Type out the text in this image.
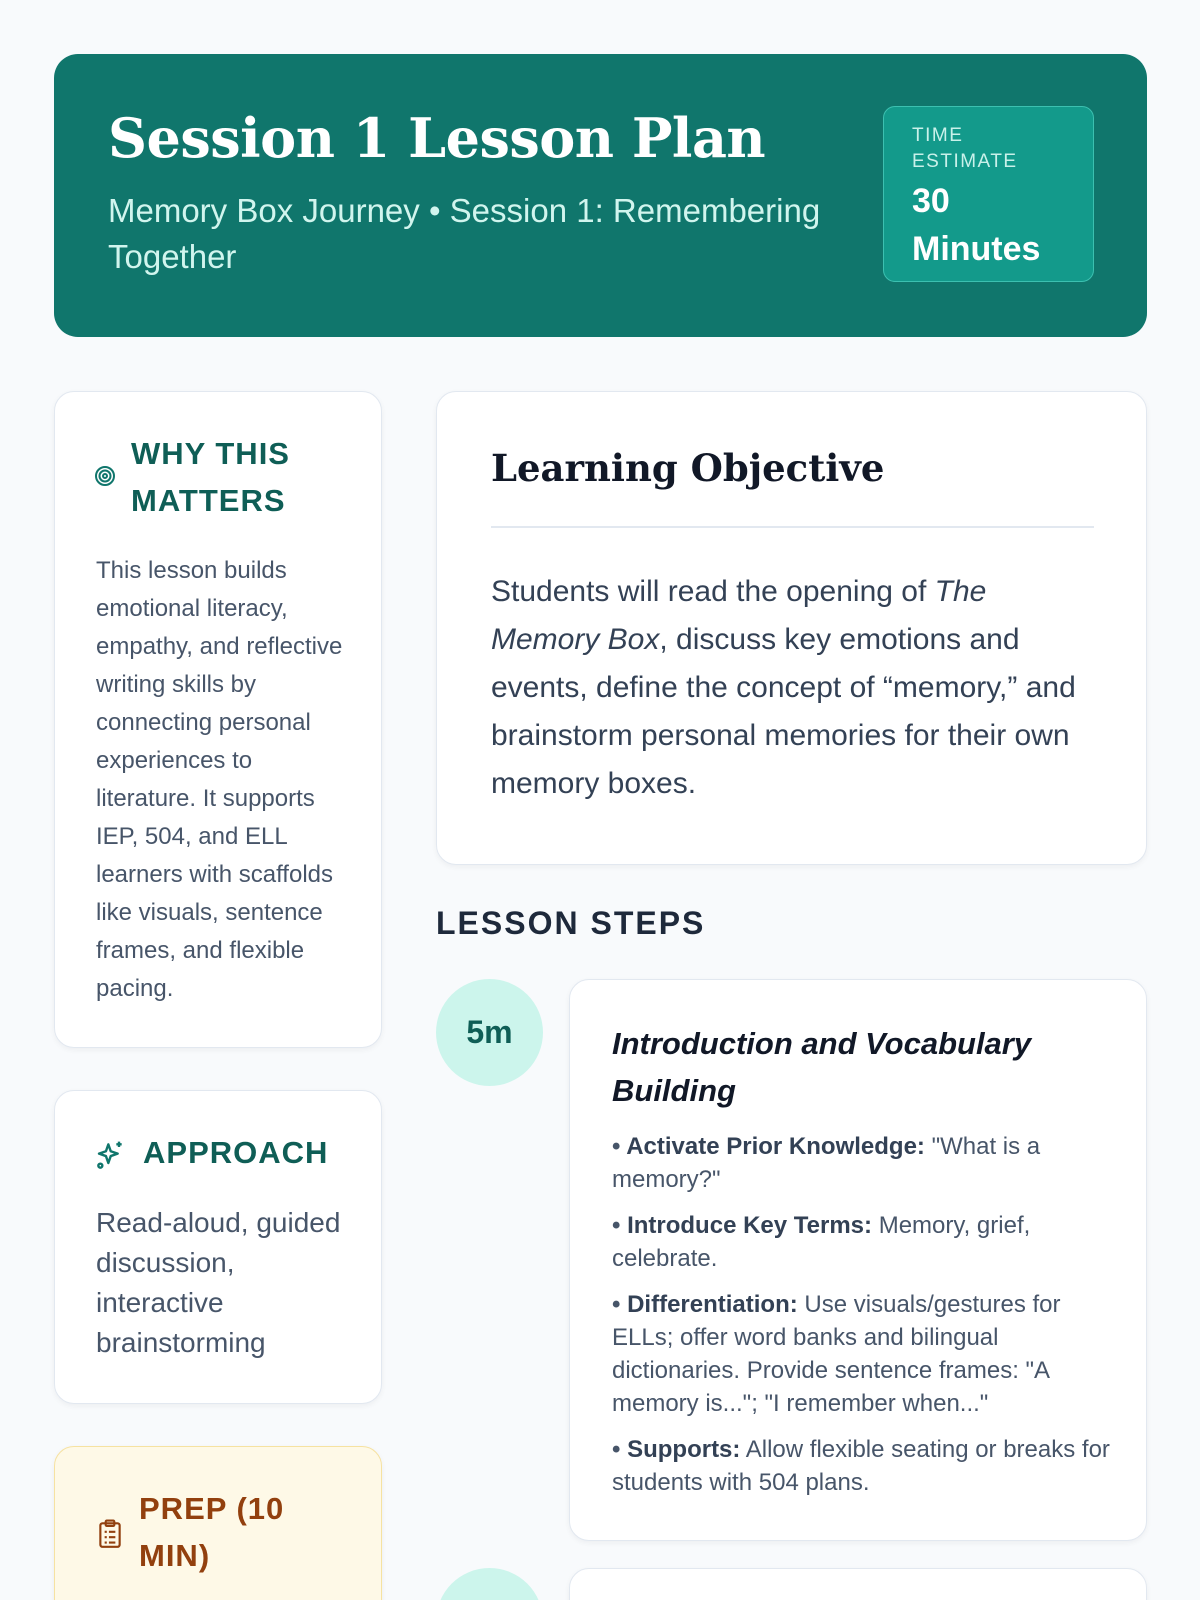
Session 1 Lesson Plan
Memory Box Journey • Session 1: Remembering Together
TIME ESTIMATE
30 Minutes
WHY THIS MATTERS
This lesson builds emotional literacy, empathy, and reflective writing skills by connecting personal experiences to literature. It supports IEP, 504, and ELL learners with scaffolds like visuals, sentence frames, and flexible pacing.
APPROACH
Read-aloud, guided discussion, interactive brainstorming
PREP (10 MIN)
Learning Objective
Students will read the opening of The Memory Box, discuss key emotions and events, define the concept of “memory,” and brainstorm personal memories for their own memory boxes.
LESSON STEPS
5m	Introduction and Vocabulary Building
• Activate Prior Knowledge: "What is a memory?"
• Introduce Key Terms: Memory, grief, celebrate.
• Differentiation: Use visuals/gestures for ELLs; offer word banks and bilingual dictionaries. Provide sentence frames: "A memory is..."; "I remember when..."
• Supports: Allow flexible seating or breaks for students with 504 plans.
